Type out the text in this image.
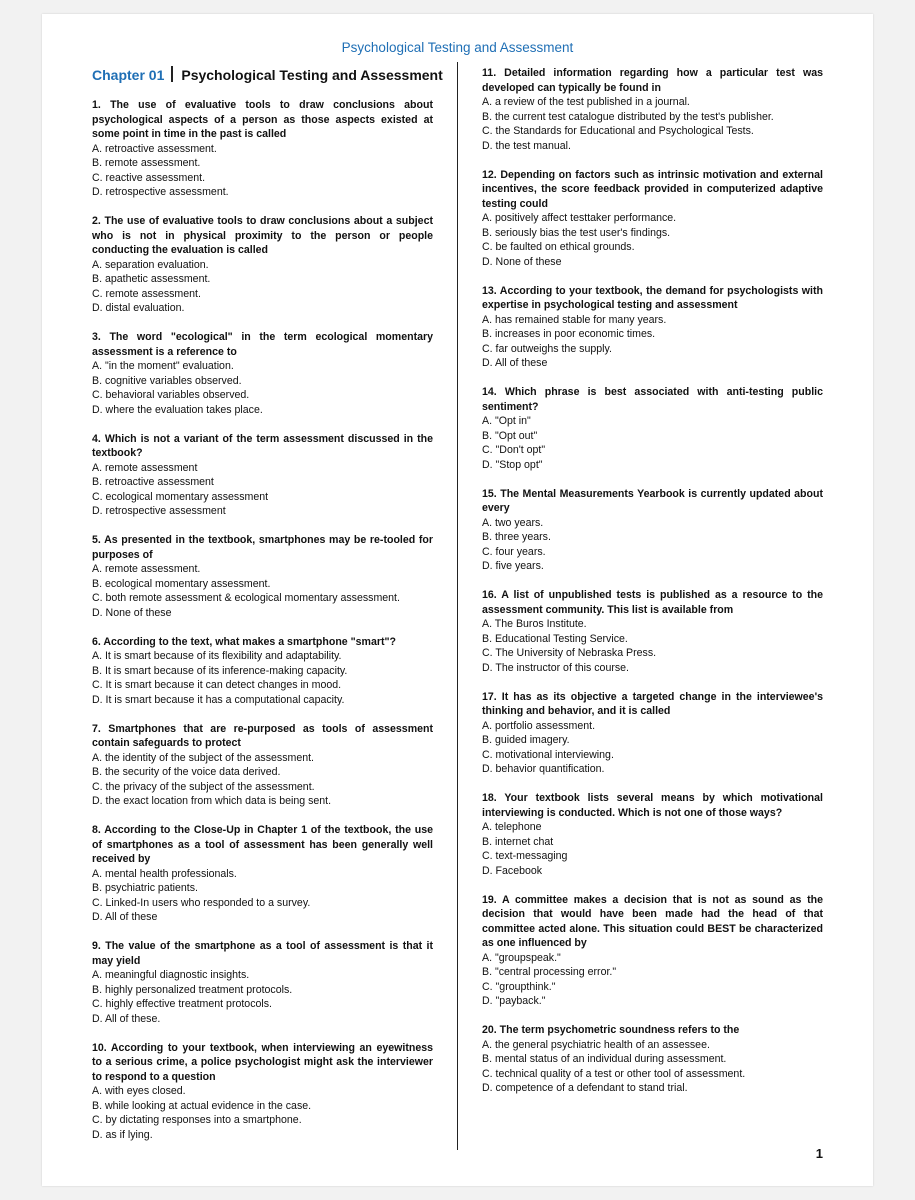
Psychological Testing and Assessment
Chapter 01 Psychological Testing and Assessment
1. The use of evaluative tools to draw conclusions about psychological aspects of a person as those aspects existed at some point in time in the past is called
A. retroactive assessment.
B. remote assessment.
C. reactive assessment.
D. retrospective assessment.
2. The use of evaluative tools to draw conclusions about a subject who is not in physical proximity to the person or people conducting the evaluation is called
A. separation evaluation.
B. apathetic assessment.
C. remote assessment.
D. distal evaluation.
3. The word "ecological" in the term ecological momentary assessment is a reference to
A. "in the moment" evaluation.
B. cognitive variables observed.
C. behavioral variables observed.
D. where the evaluation takes place.
4. Which is not a variant of the term assessment discussed in the textbook?
A. remote assessment
B. retroactive assessment
C. ecological momentary assessment
D. retrospective assessment
5. As presented in the textbook, smartphones may be re-tooled for purposes of
A. remote assessment.
B. ecological momentary assessment.
C. both remote assessment & ecological momentary assessment.
D. None of these
6. According to the text, what makes a smartphone "smart"?
A. It is smart because of its flexibility and adaptability.
B. It is smart because of its inference-making capacity.
C. It is smart because it can detect changes in mood.
D. It is smart because it has a computational capacity.
7. Smartphones that are re-purposed as tools of assessment contain safeguards to protect
A. the identity of the subject of the assessment.
B. the security of the voice data derived.
C. the privacy of the subject of the assessment.
D. the exact location from which data is being sent.
8. According to the Close-Up in Chapter 1 of the textbook, the use of smartphones as a tool of assessment has been generally well received by
A. mental health professionals.
B. psychiatric patients.
C. Linked-In users who responded to a survey.
D. All of these
9. The value of the smartphone as a tool of assessment is that it may yield
A. meaningful diagnostic insights.
B. highly personalized treatment protocols.
C. highly effective treatment protocols.
D. All of these.
10. According to your textbook, when interviewing an eyewitness to a serious crime, a police psychologist might ask the interviewer to respond to a question
A. with eyes closed.
B. while looking at actual evidence in the case.
C. by dictating responses into a smartphone.
D. as if lying.
11. Detailed information regarding how a particular test was developed can typically be found in
A. a review of the test published in a journal.
B. the current test catalogue distributed by the test's publisher.
C. the Standards for Educational and Psychological Tests.
D. the test manual.
12. Depending on factors such as intrinsic motivation and external incentives, the score feedback provided in computerized adaptive testing could
A. positively affect testtaker performance.
B. seriously bias the test user's findings.
C. be faulted on ethical grounds.
D. None of these
13. According to your textbook, the demand for psychologists with expertise in psychological testing and assessment
A. has remained stable for many years.
B. increases in poor economic times.
C. far outweighs the supply.
D. All of these
14. Which phrase is best associated with anti-testing public sentiment?
A. "Opt in"
B. "Opt out"
C. "Don't opt"
D. "Stop opt"
15. The Mental Measurements Yearbook is currently updated about every
A. two years.
B. three years.
C. four years.
D. five years.
16. A list of unpublished tests is published as a resource to the assessment community. This list is available from
A. The Buros Institute.
B. Educational Testing Service.
C. The University of Nebraska Press.
D. The instructor of this course.
17. It has as its objective a targeted change in the interviewee's thinking and behavior, and it is called
A. portfolio assessment.
B. guided imagery.
C. motivational interviewing.
D. behavior quantification.
18. Your textbook lists several means by which motivational interviewing is conducted. Which is not one of those ways?
A. telephone
B. internet chat
C. text-messaging
D. Facebook
19. A committee makes a decision that is not as sound as the decision that would have been made had the head of that committee acted alone. This situation could BEST be characterized as one influenced by
A. "groupspeak."
B. "central processing error."
C. "groupthink."
D. "payback."
20. The term psychometric soundness refers to the
A. the general psychiatric health of an assessee.
B. mental status of an individual during assessment.
C. technical quality of a test or other tool of assessment.
D. competence of a defendant to stand trial.
1
